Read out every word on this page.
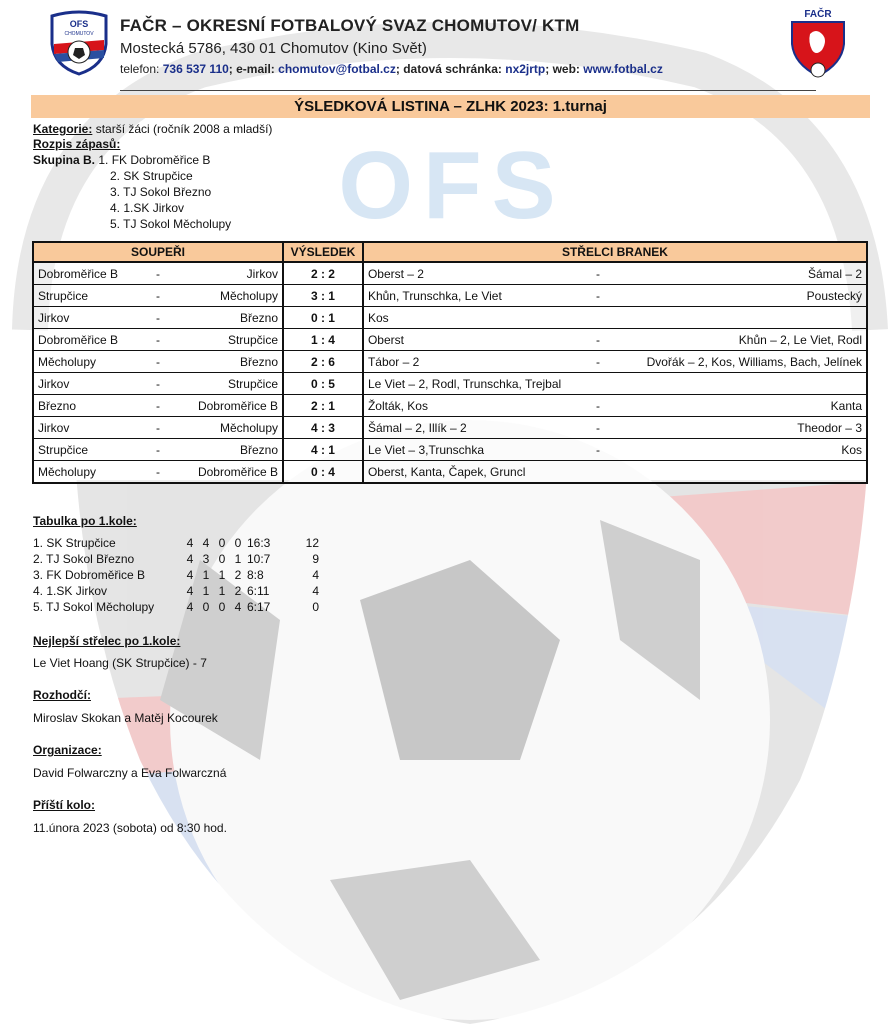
OFS
OFS
CHOMUTOV FAČR – OKRESNÍ FOTBALOVÝ SVAZ CHOMUTOV/ KTM
Mostecká 5786, 430 01 Chomutov (Kino Svět)
telefon: 736 537 110; e-mail: chomutov@fotbal.cz; datová schránka: nx2jrtp; web: www.fotbal.cz
FAČR
ÝSLEDKOVÁ LISTINA – ZLHK 2023: 1.turnaj
Kategorie: starší žáci (ročník 2008 a mladší)
Rozpis zápasů:
Skupina B. 1. FK Dobroměřice B
2. SK Strupčice
3. TJ Sokol Březno
4. 1.SK Jirkov
5. TJ Sokol Měcholupy
SOUPEŘI	VÝSLEDEK	STŘELCI BRANEK

Dobroměřice B - Jirkov	2 : 2	Oberst – 2 - Šámal – 2

Strupčice - Měcholupy	3 : 1	Khůn, Trunschka, Le Viet - Poustecký

Jirkov - Březno	0 : 1	Kos

Dobroměřice B - Strupčice	1 : 4	Oberst - Khůn – 2, Le Viet, Rodl

Měcholupy - Březno	2 : 6	Tábor – 2 - Dvořák – 2, Kos, Williams, Bach, Jelínek

Jirkov - Strupčice	0 : 5	Le Viet – 2, Rodl, Trunschka, Trejbal

Březno - Dobroměřice B	2 : 1	Žolták, Kos - Kanta

Jirkov - Měcholupy	4 : 3	Šámal – 2, Illík – 2 - Theodor – 3

Strupčice - Březno	4 : 1	Le Viet – 3,Trunschka - Kos

Měcholupy - Dobroměřice B	0 : 4	Oberst, Kanta, Čapek, Gruncl
Tabulka po 1.kole:
1. SK Strupčice	4 4 0 0 16:3	12
2. TJ Sokol Březno	4 3 0 1 10:7	9
3. FK Dobroměřice B	4 1 1 2 8:8	4
4. 1.SK Jirkov	4 1 1 2 6:11	4
5. TJ Sokol Měcholupy	4 0 0 4 6:17	0
Nejlepší střelec po 1.kole:
Le Viet Hoang (SK Strupčice) - 7
Rozhodčí:
Miroslav Skokan a Matěj Kocourek
Organizace:
David Folwarczny a Eva Folwarczná
Příští kolo:
11.února 2023 (sobota) od 8:30 hod.
